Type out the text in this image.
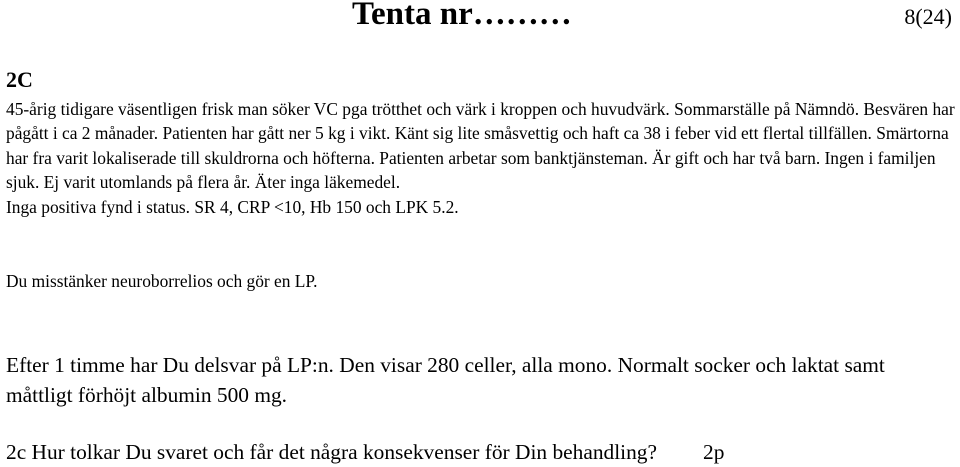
Tenta nr………	8(24)
2C

45-årig tidigare väsentligen frisk man söker VC pga trötthet och värk i kroppen och huvudvärk. Sommarställe på Nämndö. Besvären har pågått i ca 2 månader. Patienten har gått ner 5 kg i vikt. Känt sig lite småsvettig och haft ca 38 i feber vid ett flertal tillfällen. Smärtorna har fra varit lokaliserade till skuldrorna och höfterna. Patienten arbetar som banktjänsteman. Är gift och har två barn. Ingen i familjen sjuk. Ej varit utomlands på flera år. Äter inga läkemedel.

Inga positiva fynd i status. SR 4, CRP <10, Hb 150 och LPK 5.2.

Du misstänker neuroborrelios och gör en LP.
Efter 1 timme har Du delsvar på LP:n. Den visar 280 celler, alla mono. Normalt socker och laktat samt måttligt förhöjt albumin 500 mg.
2c Hur tolkar Du svaret och får det några konsekvenser för Din behandling? 2p
